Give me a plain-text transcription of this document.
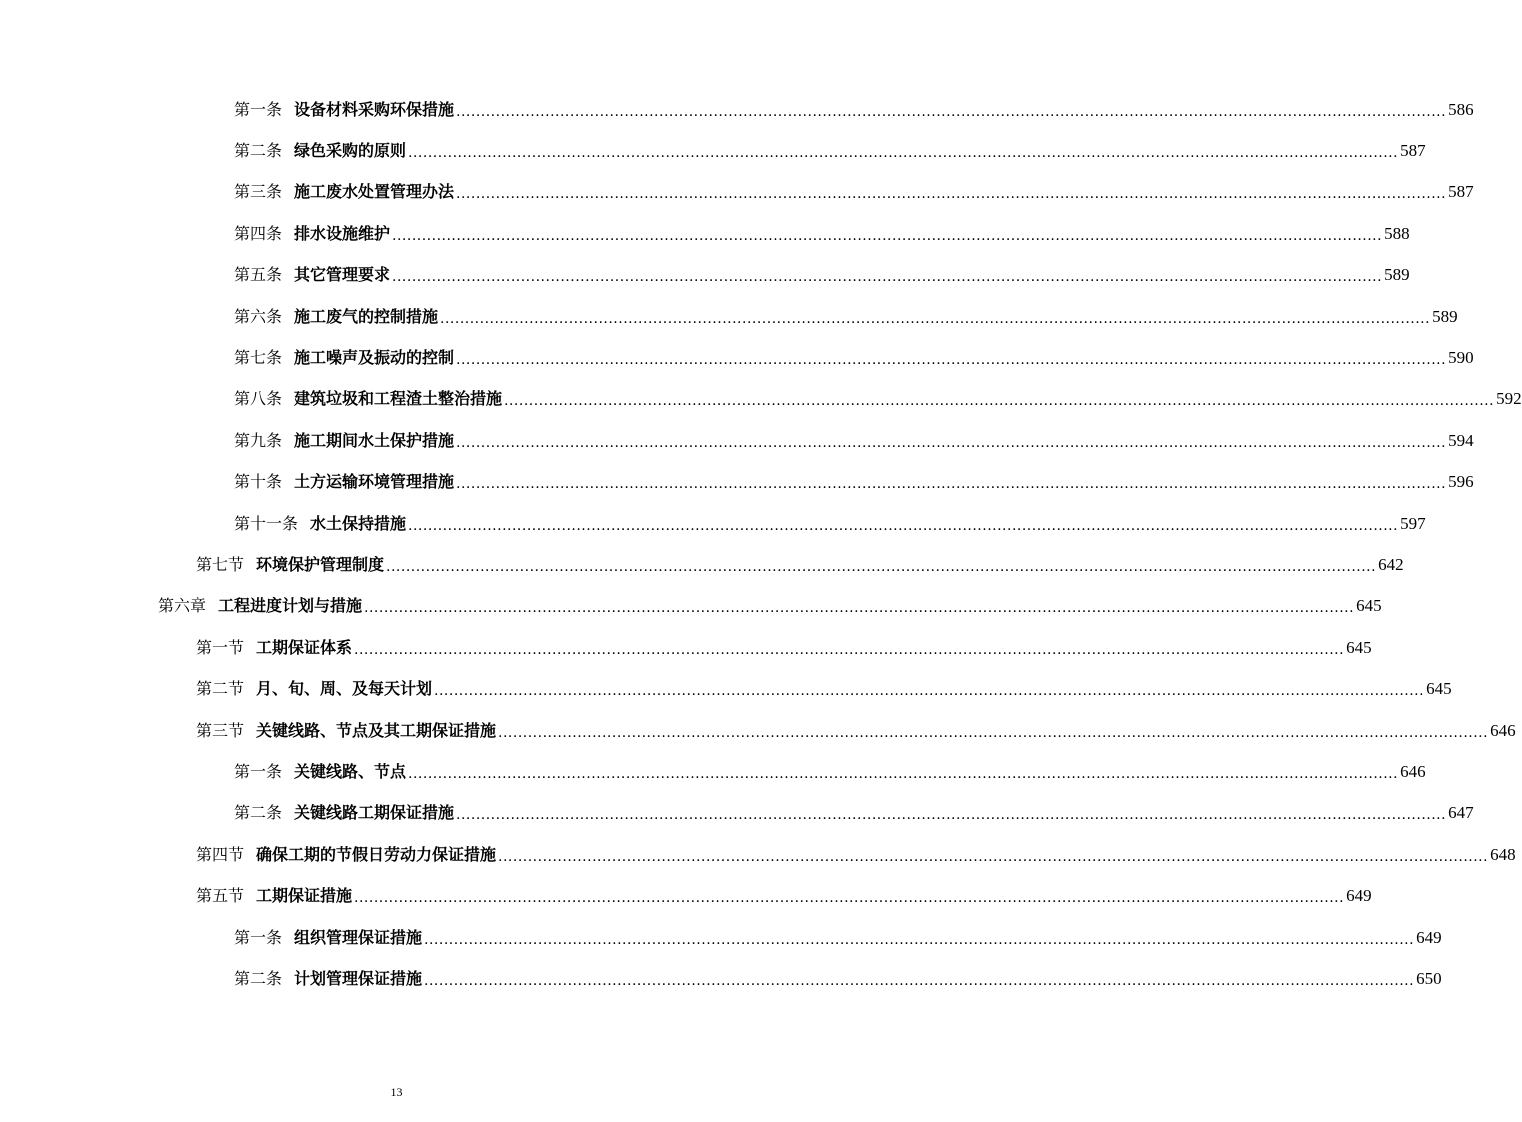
第一条 设备材料采购环保措施 ........................................................................................................................................................................................................ 586
第二条 绿色采购的原则 ........................................................................................................................................................................................................ 587
第三条 施工废水处置管理办法 ........................................................................................................................................................................................................ 587
第四条 排水设施维护 ........................................................................................................................................................................................................ 588
第五条 其它管理要求 ........................................................................................................................................................................................................ 589
第六条 施工废气的控制措施 ........................................................................................................................................................................................................ 589
第七条 施工噪声及振动的控制 ........................................................................................................................................................................................................ 590
第八条 建筑垃圾和工程渣土整治措施 ........................................................................................................................................................................................................ 592
第九条 施工期间水土保护措施 ........................................................................................................................................................................................................ 594
第十条 土方运输环境管理措施 ........................................................................................................................................................................................................ 596
第十一条 水土保持措施 ........................................................................................................................................................................................................ 597
第七节 环境保护管理制度 ........................................................................................................................................................................................................ 642
第六章 工程进度计划与措施 ........................................................................................................................................................................................................ 645
第一节 工期保证体系 ........................................................................................................................................................................................................ 645
第二节 月、旬、周、及每天计划 ........................................................................................................................................................................................................ 645
第三节 关键线路、节点及其工期保证措施 ........................................................................................................................................................................................................ 646
第一条 关键线路、节点 ........................................................................................................................................................................................................ 646
第二条 关键线路工期保证措施 ........................................................................................................................................................................................................ 647
第四节 确保工期的节假日劳动力保证措施 ........................................................................................................................................................................................................ 648
第五节 工期保证措施 ........................................................................................................................................................................................................ 649
第一条 组织管理保证措施 ........................................................................................................................................................................................................ 649
第二条 计划管理保证措施 ........................................................................................................................................................................................................ 650
13
